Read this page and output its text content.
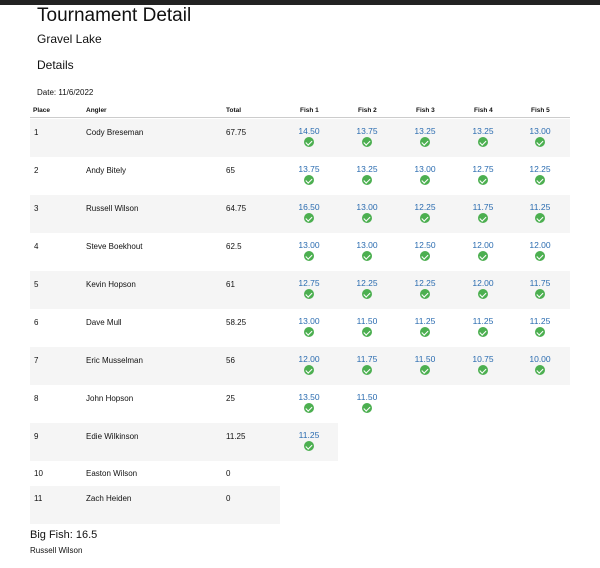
Tournament Detail
Gravel Lake
Details
Date: 11/6/2022
Place	Angler	Total	Fish 1	Fish 2	Fish 3	Fish 4	Fish 5
1	Cody Breseman	67.75	14.50	13.75	13.25	13.25	13.00
2	Andy Bitely	65	13.75	13.25	13.00	12.75	12.25
3	Russell Wilson	64.75	16.50	13.00	12.25	11.75	11.25
4	Steve Boekhout	62.5	13.00	13.00	12.50	12.00	12.00
5	Kevin Hopson	61	12.75	12.25	12.25	12.00	11.75
6	Dave Mull	58.25	13.00	11.50	11.25	11.25	11.25
7	Eric Musselman	56	12.00	11.75	11.50	10.75	10.00
8	John Hopson	25	13.50	11.50
9	Edie Wilkinson	11.25	11.25
10	Easton Wilson	0
11	Zach Heiden	0
Big Fish: 16.5
Russell Wilson
